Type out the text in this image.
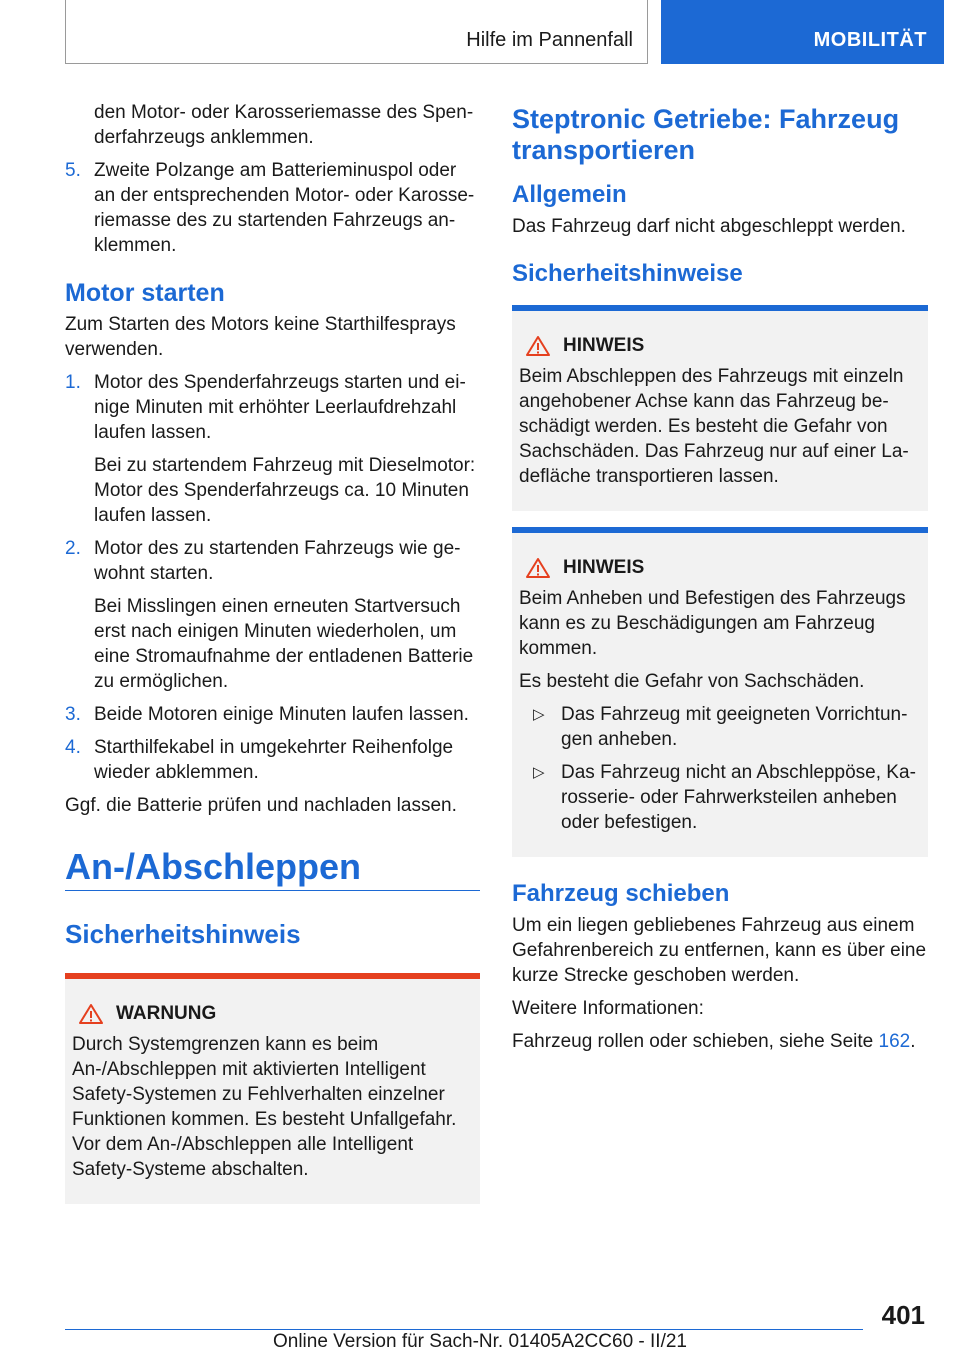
Hilfe im Pannenfall	MOBILITÄT
den Motor- oder Karosseriemasse des Spenderfahrzeugs anklemmen.
5. Zweite Polzange am Batterieminuspol oder an der entsprechenden Motor- oder Karosseriemasse des zu startenden Fahrzeugs anklemmen.
Motor starten

Zum Starten des Motors keine Starthilfesprays verwenden.

1. Motor des Spenderfahrzeugs starten und einige Minuten mit erhöhter Leerlaufdrehzahl laufen lassen.
Bei zu startendem Fahrzeug mit Dieselmotor: Motor des Spenderfahrzeugs ca. 10 Minuten laufen lassen.
2. Motor des zu startenden Fahrzeugs wie gewohnt starten.
Bei Misslingen einen erneuten Startversuch erst nach einigen Minuten wiederholen, um eine Stromaufnahme der entladenen Batterie zu ermöglichen.
3. Beide Motoren einige Minuten laufen lassen.
4. Starthilfekabel in umgekehrter Reihenfolge wieder abklemmen.

Ggf. die Batterie prüfen und nachladen lassen.

An-/Abschleppen
Sicherheitshinweis
WARNUNG

Durch Systemgrenzen kann es beim An-/Abschleppen mit aktivierten Intelligent Safety-Systemen zu Fehlverhalten einzelner Funktionen kommen. Es besteht Unfallgefahr. Vor dem An-/Abschleppen alle Intelligent Safety-Systeme abschalten.

Steptronic Getriebe: Fahrzeug transportieren
Allgemein

Das Fahrzeug darf nicht abgeschleppt werden.

Sicherheitshinweise
HINWEIS

Beim Abschleppen des Fahrzeugs mit einzeln angehobener Achse kann das Fahrzeug beschädigt werden. Es besteht die Gefahr von Sachschäden. Das Fahrzeug nur auf einer Ladefläche transportieren lassen.

HINWEIS

Beim Anheben und Befestigen des Fahrzeugs kann es zu Beschädigungen am Fahrzeug kommen.

Es besteht die Gefahr von Sachschäden.

▷ Das Fahrzeug mit geeigneten Vorrichtungen anheben.
▷ Das Fahrzeug nicht an Abschleppöse, Karosserie- oder Fahrwerksteilen anheben oder befestigen.
Fahrzeug schieben

Um ein liegen gebliebenes Fahrzeug aus einem Gefahrenbereich zu entfernen, kann es über eine kurze Strecke geschoben werden.

Weitere Informationen:

Fahrzeug rollen oder schieben, siehe Seite 162.

401
Online Version für Sach-Nr. 01405A2CC60 - II/21
